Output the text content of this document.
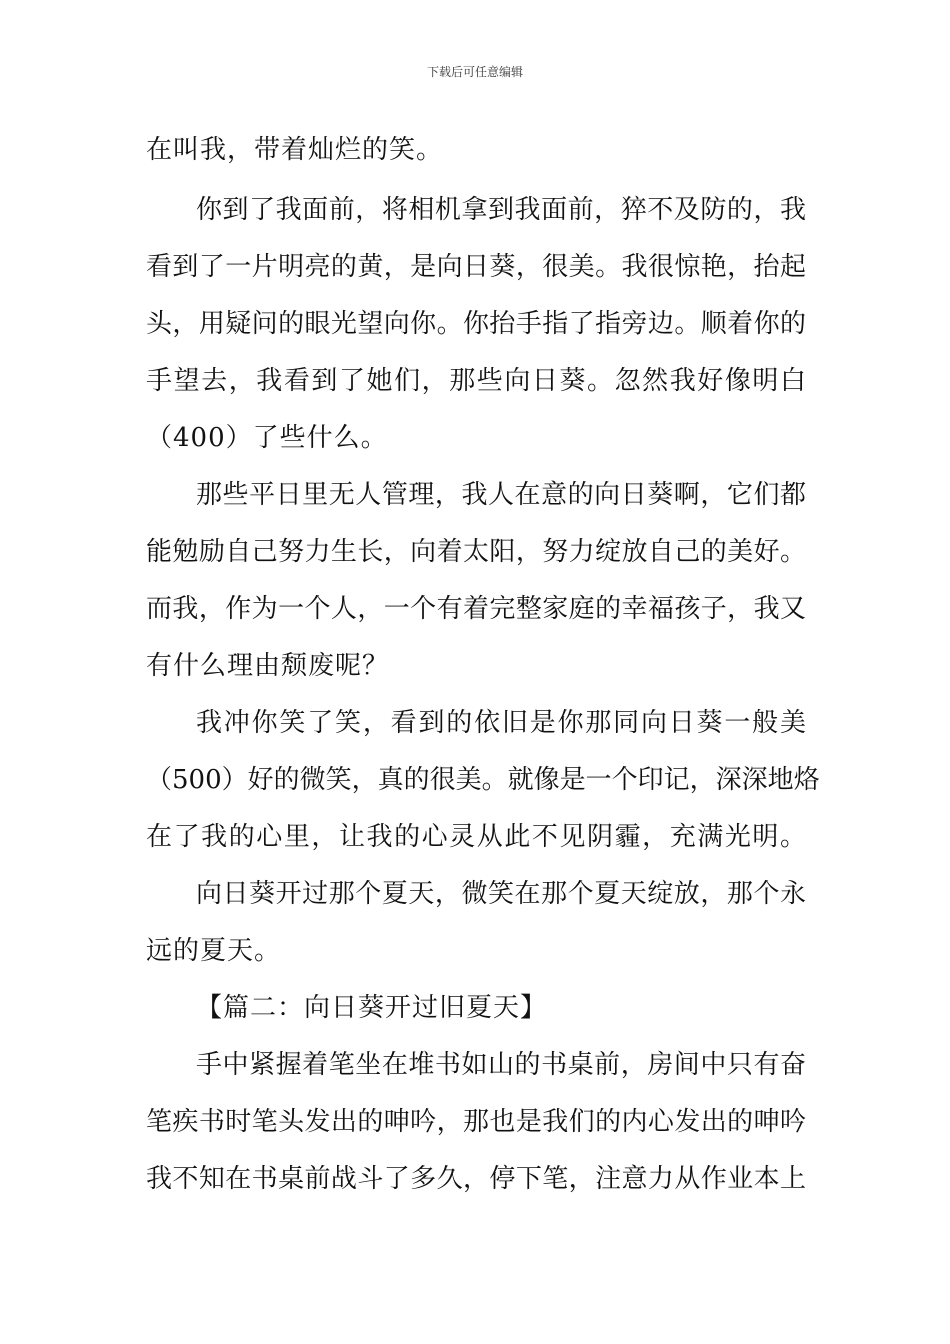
下载后可任意编辑
在叫我，带着灿烂的笑。
你到了我面前，将相机拿到我面前，猝不及防的，我
看到了一片明亮的黄，是向日葵，很美。我很惊艳，抬起
头，用疑问的眼光望向你。你抬手指了指旁边。顺着你的
手望去，我看到了她们，那些向日葵。忽然我好像明白
（400）了些什么。
那些平日里无人管理，我人在意的向日葵啊，它们都
能勉励自己努力生长，向着太阳，努力绽放自己的美好。
而我，作为一个人，一个有着完整家庭的幸福孩子，我又
有什么理由颓废呢？
我冲你笑了笑，看到的依旧是你那同向日葵一般美
（500）好的微笑，真的很美。就像是一个印记，深深地烙
在了我的心里，让我的心灵从此不见阴霾，充满光明。
向日葵开过那个夏天，微笑在那个夏天绽放，那个永
远的夏天。
【篇二：向日葵开过旧夏天】
手中紧握着笔坐在堆书如山的书桌前，房间中只有奋
笔疾书时笔头发出的呻吟，那也是我们的内心发出的呻吟
我不知在书桌前战斗了多久，停下笔，注意力从作业本上
